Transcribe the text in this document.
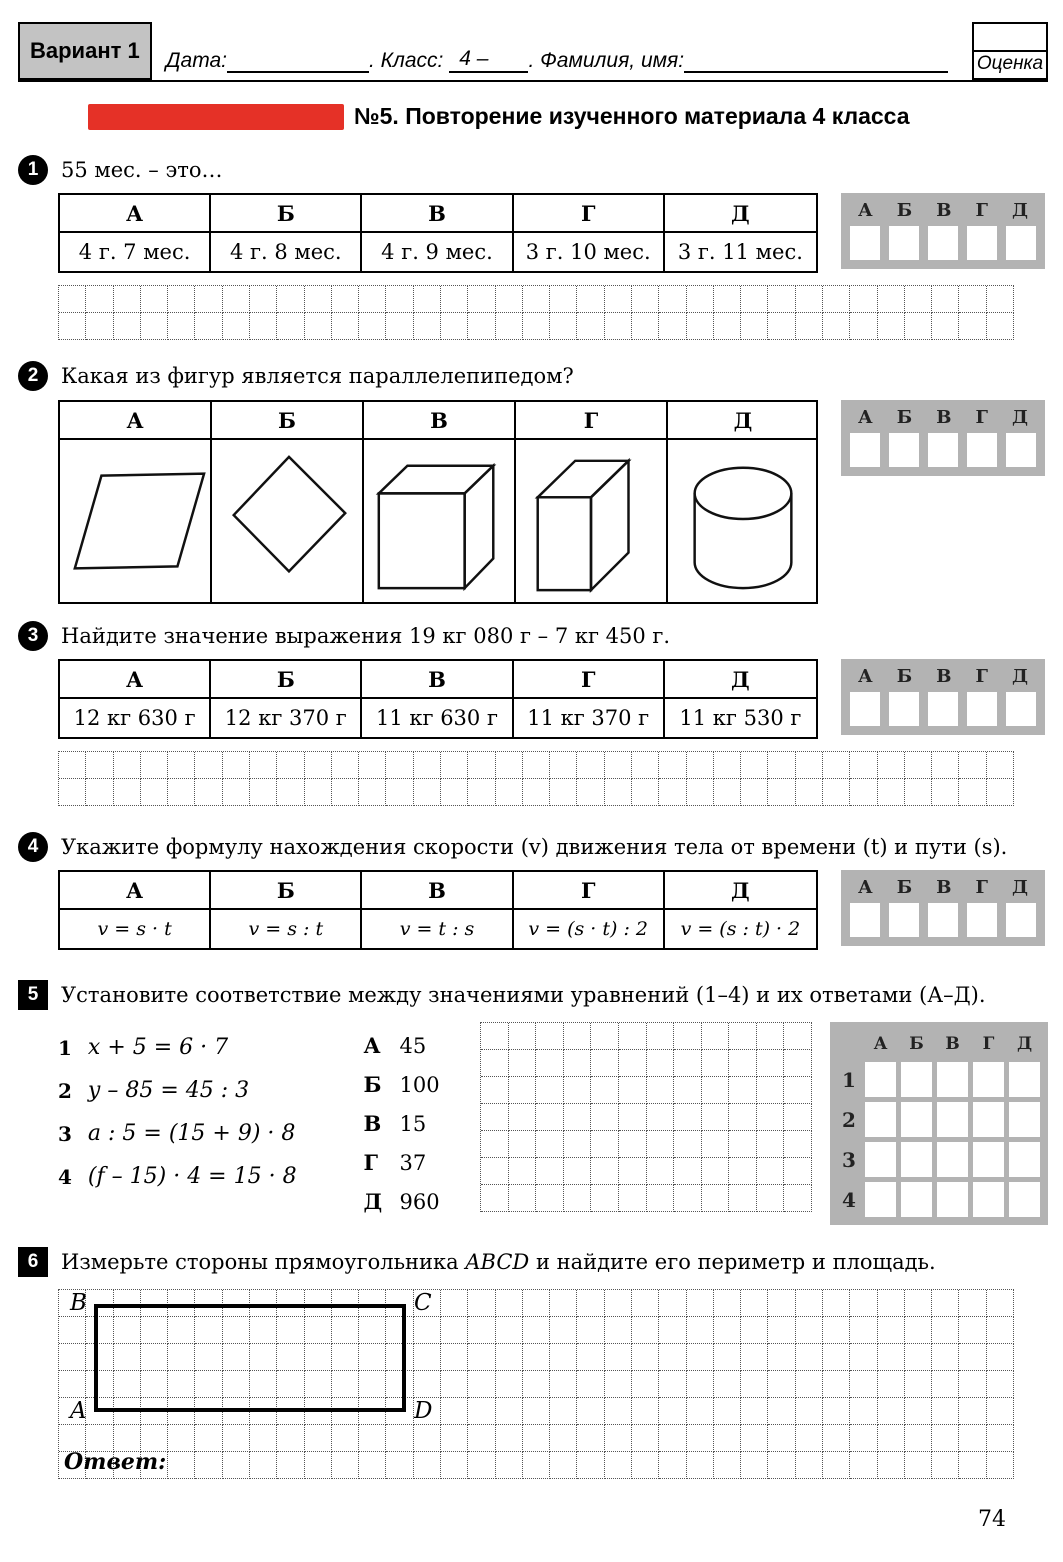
Вариант 1	Дата:	. Класс:
4 –	. Фамилия, имя:	Оценка
№5. Повторение изученного материала 4 класса
1	55 мес. – это…
А	Б	В	Г	Д
4 г. 7 мес.	4 г. 8 мес.	4 г. 9 мес.	3 г. 10 мес.	3 г. 11 мес.
А Б В Г Д
2	Какая из фигур является параллелепипедом?
А	Б	В	Г	Д	А Б В Г Д
3	Найдите значение выражения 19 кг 080 г – 7 кг 450 г.
А	Б	В	Г	Д
12 кг 630 г	12 кг 370 г	11 кг 630 г	11 кг 370 г	11 кг 530 г
А Б В Г Д
4	Укажите формулу нахождения скорости (v) движения тела от времени (t) и пути (s).
А	Б	В	Г	Д
v = s · t	v = s : t	v = t : s	v = (s · t) : 2	v = (s : t) · 2
А Б В Г Д
5	Установите соответствие между значениями уравнений (1–4) и их ответами (А–Д).
1 x + 5 = 6 · 7
2 y – 85 = 45 : 3
3 a : 5 = (15 + 9) · 8
4 (f – 15) · 4 = 15 · 8
А 45
Б 100
В 15
Г 37
Д 960
А	Б	В	Г	Д
1
2
3
4
6	Измерьте стороны прямоугольника ABCD и найдите его периметр и площадь.
B	C
A	D
Ответ:
74
